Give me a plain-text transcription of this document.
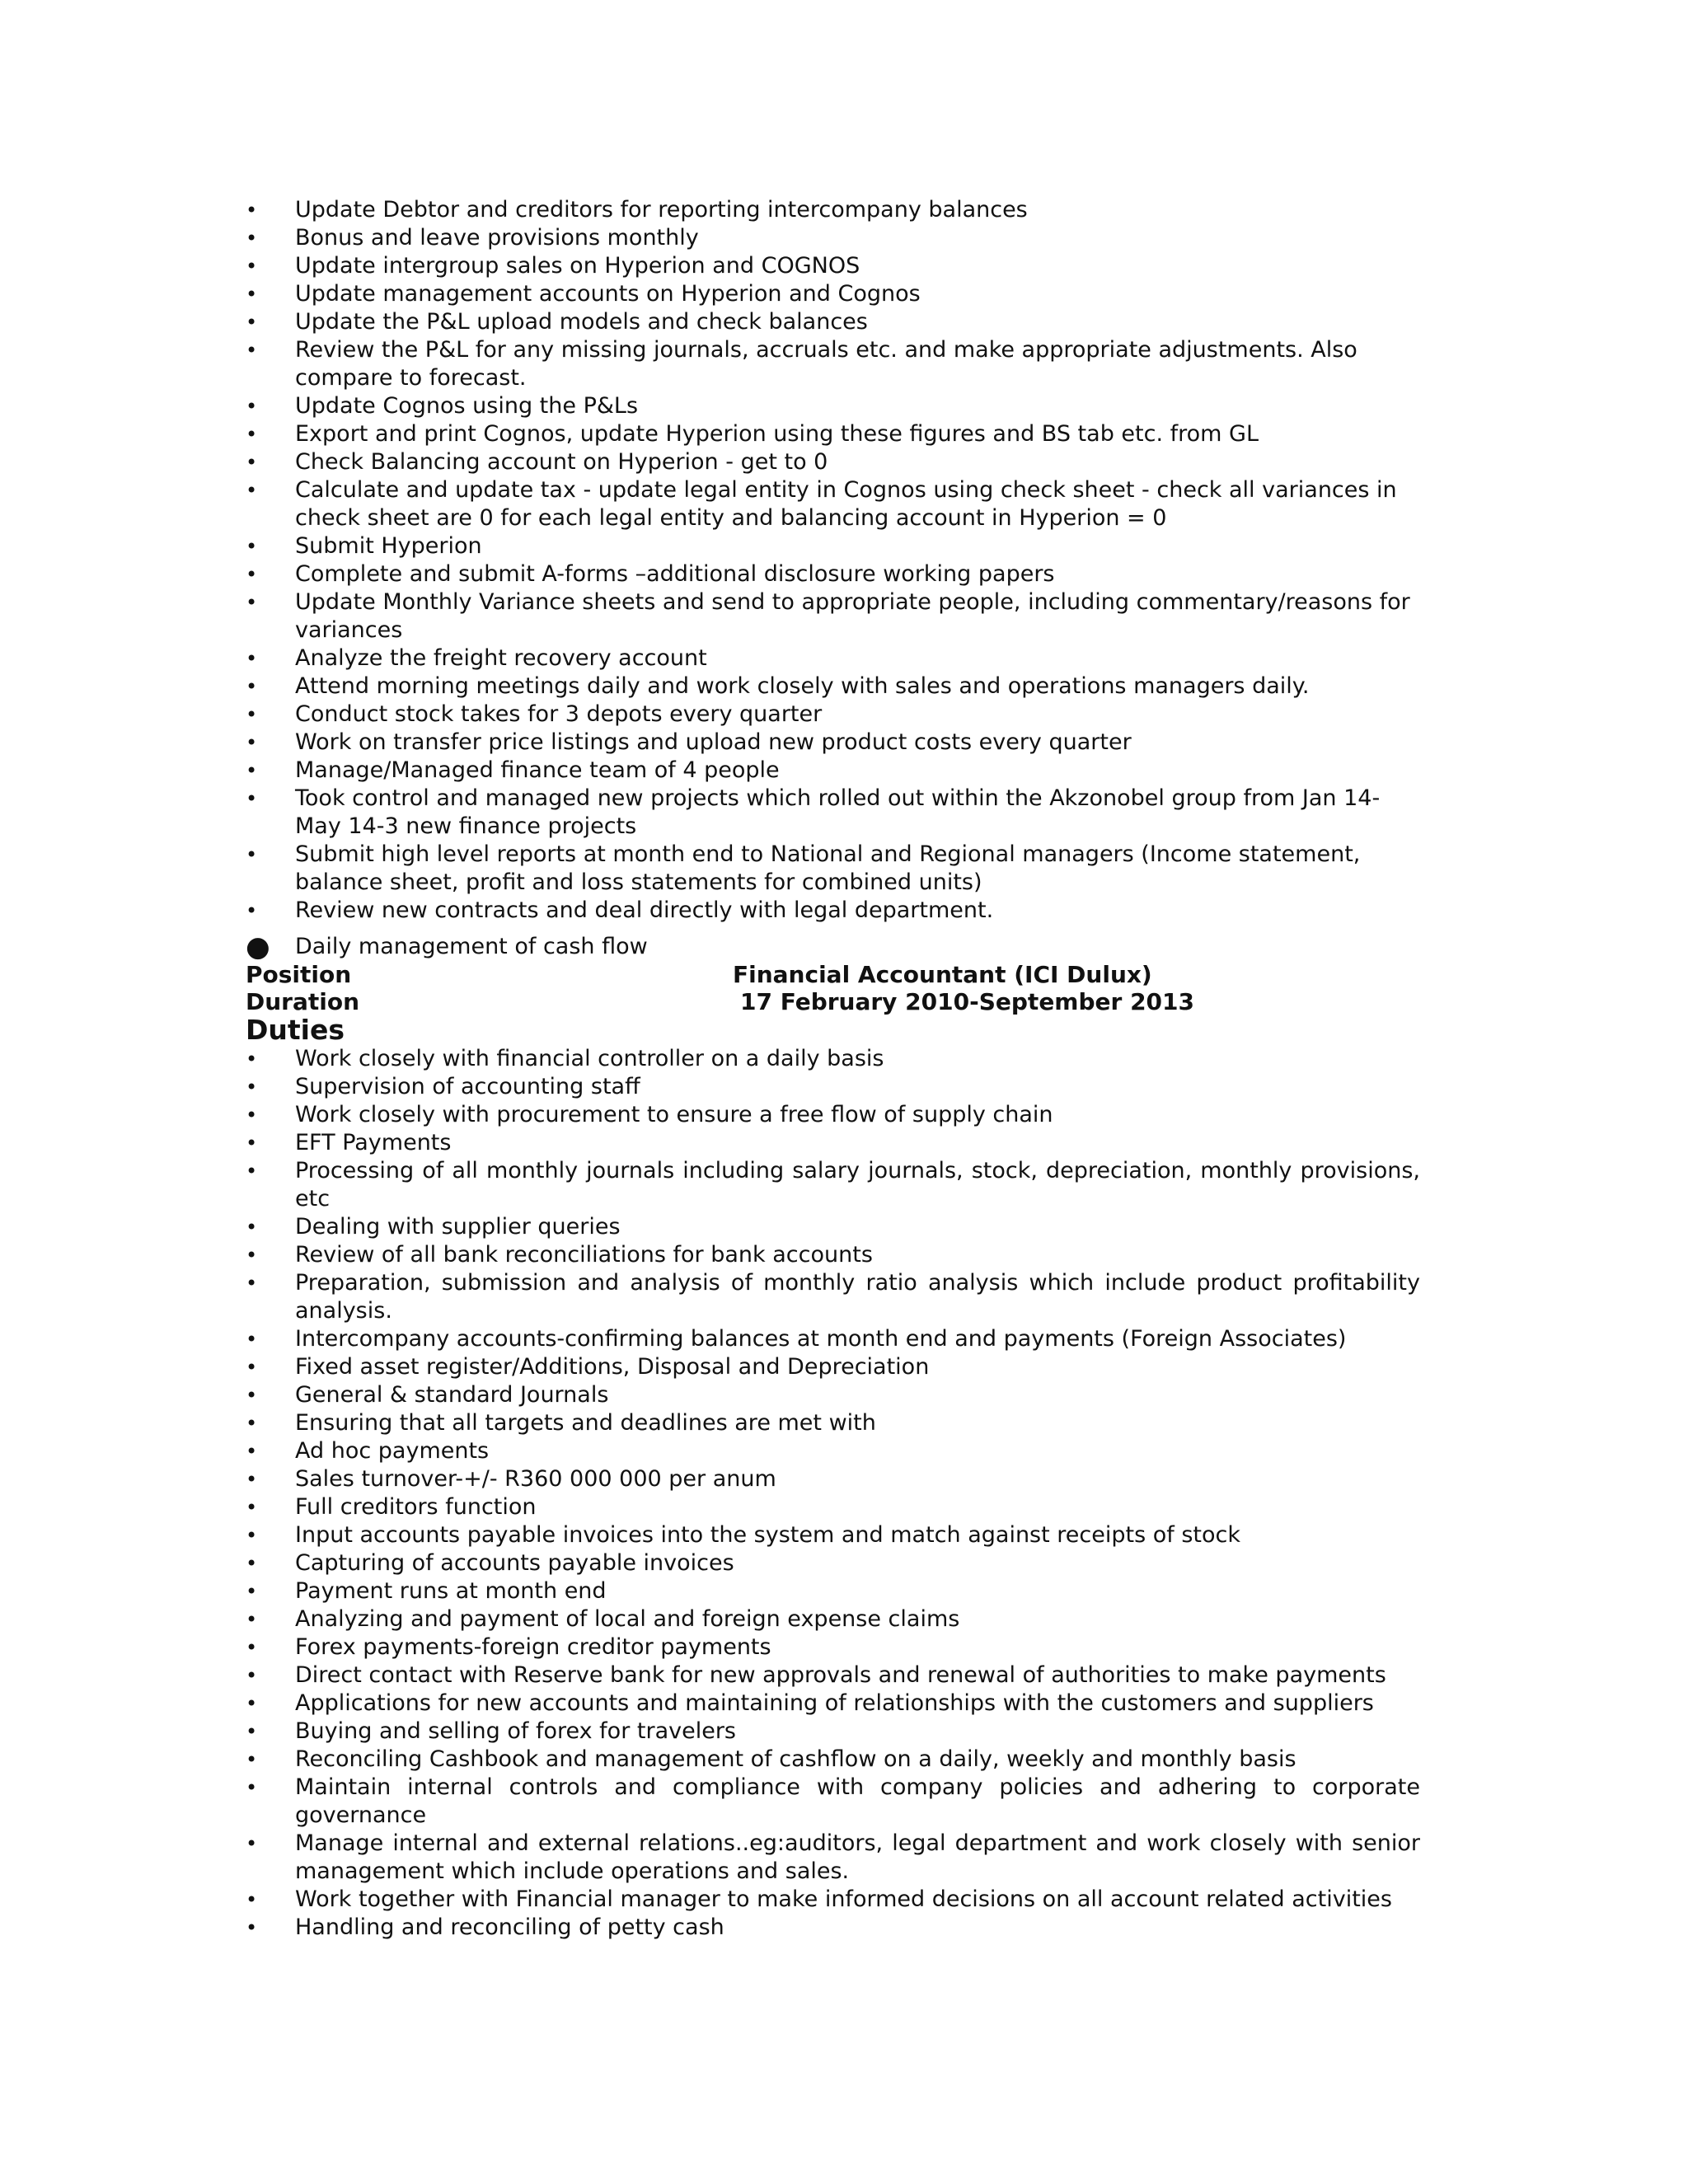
•	Update Debtor and creditors for reporting intercompany balances
•	Bonus and leave provisions monthly
•	Update intergroup sales on Hyperion and COGNOS
•	Update management accounts on Hyperion and Cognos
•	Update the P&L upload models and check balances
•	Review the P&L for any missing journals, accruals etc. and make appropriate adjustments. Also compare to forecast.
•	Update Cognos using the P&Ls
•	Export and print Cognos, update Hyperion using these figures and BS tab etc. from GL
•	Check Balancing account on Hyperion - get to 0
•	Calculate and update tax - update legal entity in Cognos using check sheet - check all variances in check sheet are 0 for each legal entity and balancing account in Hyperion = 0
•	Submit Hyperion
•	Complete and submit A-forms –additional disclosure working papers
•	Update Monthly Variance sheets and send to appropriate people, including commentary/reasons for variances
•	Analyze the freight recovery account
•	Attend morning meetings daily and work closely with sales and operations managers daily.
•	Conduct stock takes for 3 depots every quarter
•	Work on transfer price listings and upload new product costs every quarter
•	Manage/Managed finance team of 4 people
•	Took control and managed new projects which rolled out within the Akzonobel group from Jan 14-May 14-3 new finance projects
•	Submit high level reports at month end to National and Regional managers (Income statement, balance sheet, profit and loss statements for combined units)
•	Review new contracts and deal directly with legal department.
●	Daily management of cash flow
Position	Financial Accountant (ICI Dulux)
Duration	17 February 2010-September 2013
Duties
•	Work closely with financial controller on a daily basis
•	Supervision of accounting staff
•	Work closely with procurement to ensure a free flow of supply chain
•	EFT Payments
•	Processing of all monthly journals including salary journals, stock, depreciation, monthly provisions, etc
•	Dealing with supplier queries
•	Review of all bank reconciliations for bank accounts
•	Preparation, submission and analysis of monthly ratio analysis which include product profitability analysis.
•	Intercompany accounts-confirming balances at month end and payments (Foreign Associates)
•	Fixed asset register/Additions, Disposal and Depreciation
•	General & standard Journals
•	Ensuring that all targets and deadlines are met with
•	Ad hoc payments
•	Sales turnover-+/- R360 000 000 per anum
•	Full creditors function
•	Input accounts payable invoices into the system and match against receipts of stock
•	Capturing of accounts payable invoices
•	Payment runs at month end
•	Analyzing and payment of local and foreign expense claims
•	Forex payments-foreign creditor payments
•	Direct contact with Reserve bank for new approvals and renewal of authorities to make payments
•	Applications for new accounts and maintaining of relationships with the customers and suppliers
•	Buying and selling of forex for travelers
•	Reconciling Cashbook and management of cashflow on a daily, weekly and monthly basis
•	Maintain internal controls and compliance with company policies and adhering to corporate governance
•	Manage internal and external relations..eg:auditors, legal department and work closely with senior management which include operations and sales.
•	Work together with Financial manager to make informed decisions on all account related activities
•	Handling and reconciling of petty cash
